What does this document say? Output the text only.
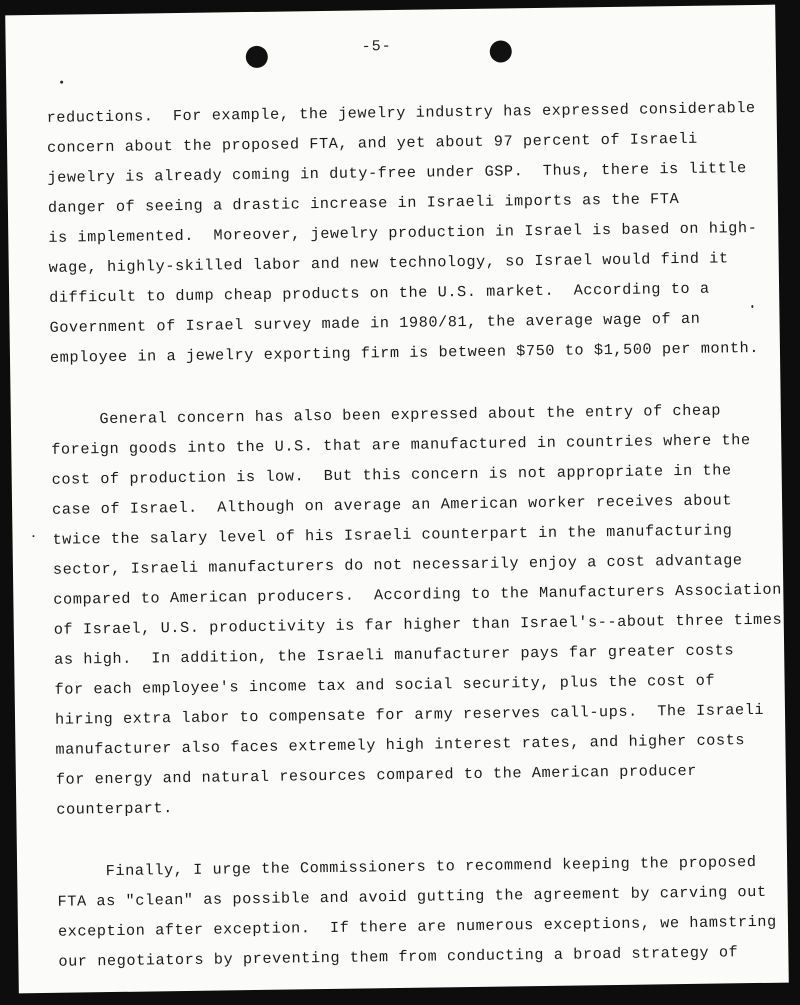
-5-
reductions.  For example, the jewelry industry has expressed considerable
concern about the proposed FTA, and yet about 97 percent of Israeli
jewelry is already coming in duty-free under GSP.  Thus, there is little
danger of seeing a drastic increase in Israeli imports as the FTA
is implemented.  Moreover, jewelry production in Israel is based on high-
wage, highly-skilled labor and new technology, so Israel would find it
difficult to dump cheap products on the U.S. market.  According to a
Government of Israel survey made in 1980/81, the average wage of an
employee in a jewelry exporting firm is between $750 to $1,500 per month.
General concern has also been expressed about the entry of cheap
foreign goods into the U.S. that are manufactured in countries where the
cost of production is low.  But this concern is not appropriate in the
case of Israel.  Although on average an American worker receives about
twice the salary level of his Israeli counterpart in the manufacturing
sector, Israeli manufacturers do not necessarily enjoy a cost advantage
compared to American producers.  According to the Manufacturers Association
of Israel, U.S. productivity is far higher than Israel's--about three times
as high.  In addition, the Israeli manufacturer pays far greater costs
for each employee's income tax and social security, plus the cost of
hiring extra labor to compensate for army reserves call-ups.  The Israeli
manufacturer also faces extremely high interest rates, and higher costs
for energy and natural resources compared to the American producer
counterpart.
Finally, I urge the Commissioners to recommend keeping the proposed
FTA as "clean" as possible and avoid gutting the agreement by carving out
exception after exception.  If there are numerous exceptions, we hamstring
our negotiators by preventing them from conducting a broad strategy of
